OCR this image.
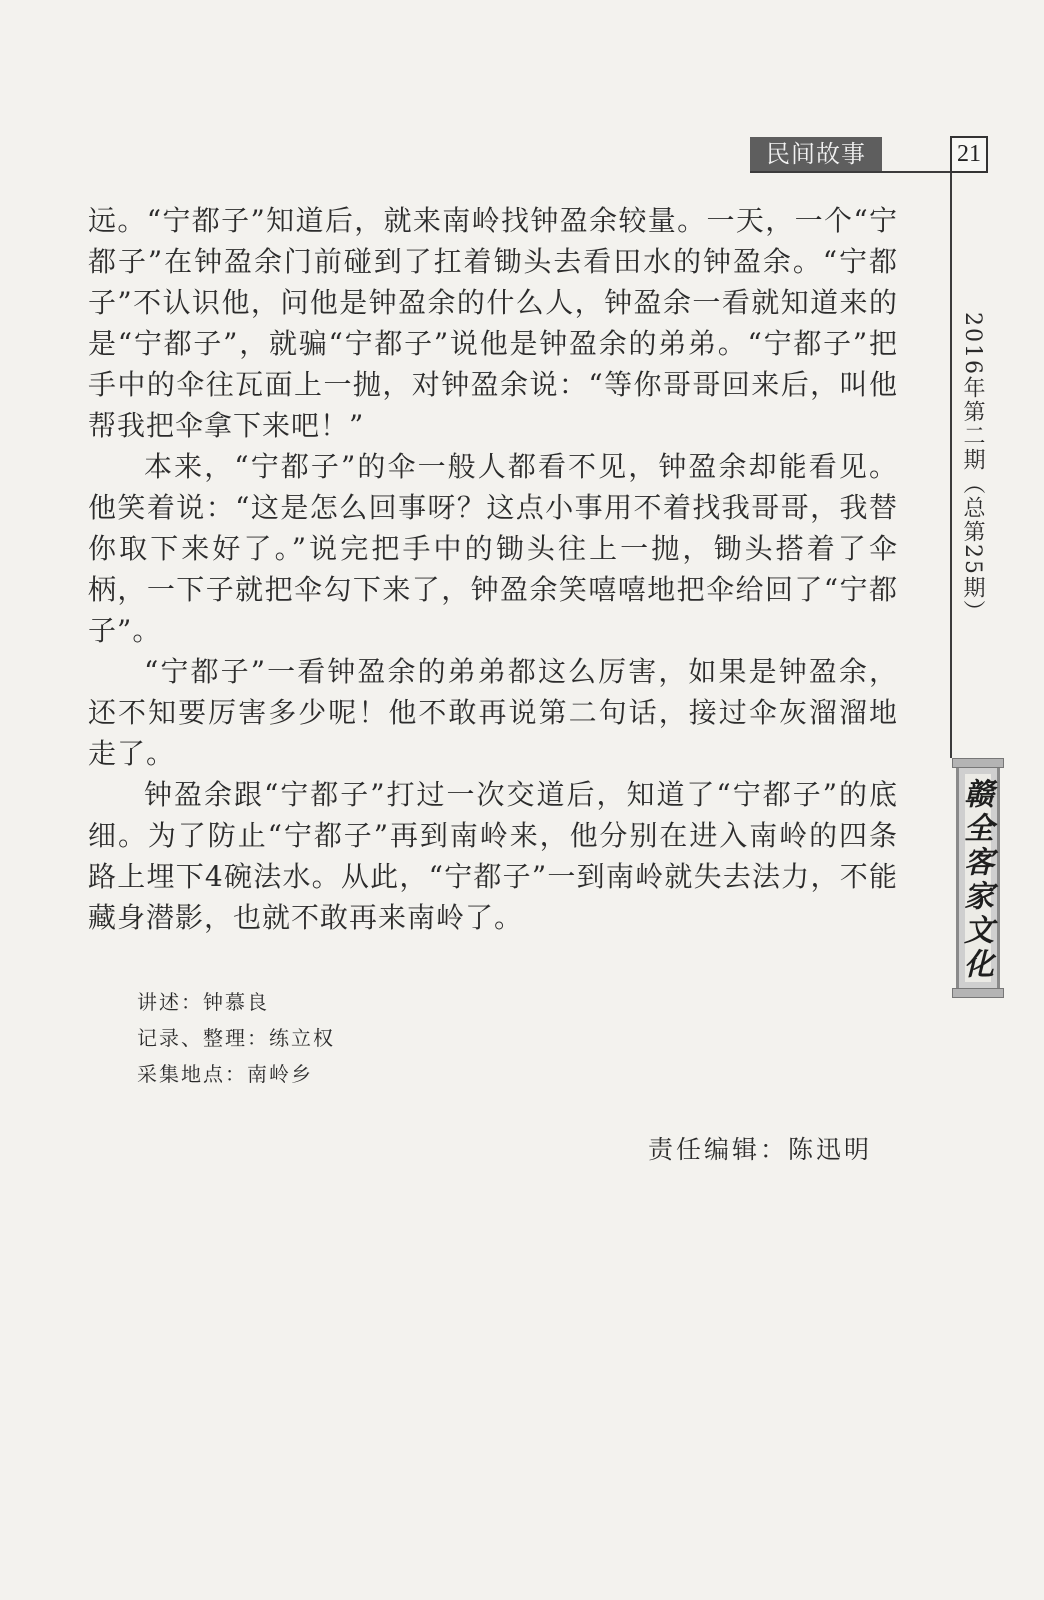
民间故事	21
2016年第二期（总第25期）
赣全客家文化

远。“宁都子”知道后，就来南岭找钟盈余较量。一天，一个“宁都子”在钟盈余门前碰到了扛着锄头去看田水的钟盈余。“宁都子”不认识他，问他是钟盈余的什么人，钟盈余一看就知道来的是“宁都子”，就骗“宁都子”说他是钟盈余的弟弟。“宁都子”把手中的伞往瓦面上一抛，对钟盈余说：“等你哥哥回来后，叫他帮我把伞拿下来吧！”

本来，“宁都子”的伞一般人都看不见，钟盈余却能看见。他笑着说：“这是怎么回事呀？这点小事用不着找我哥哥，我替你取下来好了。”说完把手中的锄头往上一抛，锄头搭着了伞柄，一下子就把伞勾下来了，钟盈余笑嘻嘻地把伞给回了“宁都子”。

“宁都子”一看钟盈余的弟弟都这么厉害，如果是钟盈余，还不知要厉害多少呢！他不敢再说第二句话，接过伞灰溜溜地走了。

钟盈余跟“宁都子”打过一次交道后，知道了“宁都子”的底细。为了防止“宁都子”再到南岭来，他分别在进入南岭的四条路上埋下4碗法水。从此，“宁都子”一到南岭就失去法力，不能藏身潜影，也就不敢再来南岭了。

讲述：钟慕良
记录、整理：练立权
采集地点：南岭乡
责任编辑：陈迅明
